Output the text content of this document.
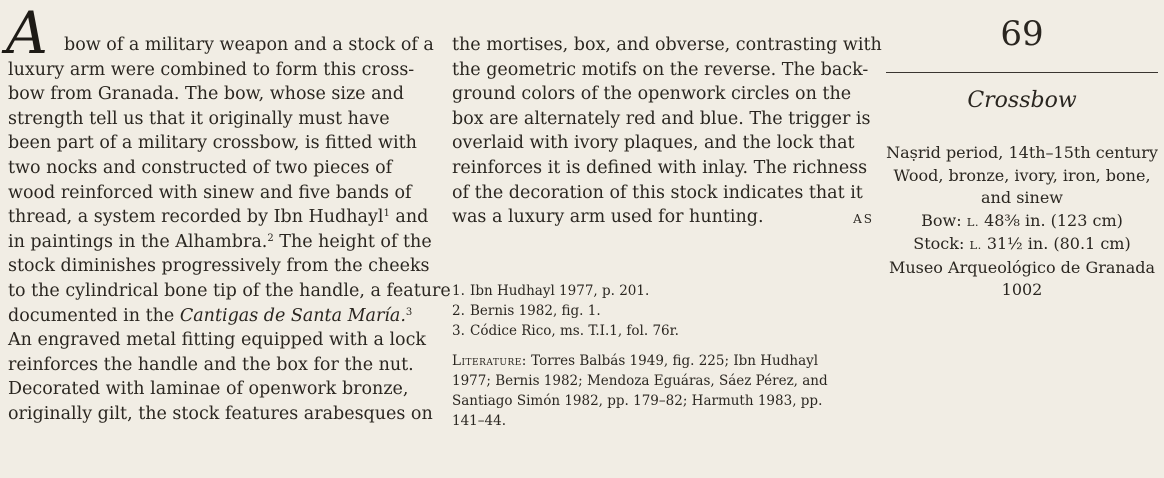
A bow of a military weapon and a stock of a
luxury arm were combined to form this cross-
bow from Granada. The bow, whose size and
strength tell us that it originally must have
been part of a military crossbow, is fitted with
two nocks and constructed of two pieces of
wood reinforced with sinew and five bands of
thread, a system recorded by Ibn Hudhayl$^1$ and
in paintings in the Alhambra.$^2$ The height of the
stock diminishes progressively from the cheeks
to the cylindrical bone tip of the handle, a feature
documented in the Cantigas de Santa María.$^3$
An engraved metal fitting equipped with a lock
reinforces the handle and the box for the nut.
Decorated with laminae of openwork bronze,
originally gilt, the stock features arabesques on
the mortises, box, and obverse, contrasting with
the geometric motifs on the reverse. The back-
ground colors of the openwork circles on the
box are alternately red and blue. The trigger is
overlaid with ivory plaques, and the lock that
reinforces it is defined with inlay. The richness
of the decoration of this stock indicates that it
was a luxury arm used for hunting.	AS
1. Ibn Hudhayl 1977, p. 201.
2. Bernis 1982, fig. 1.
3. Códice Rico, ms. T.I.1, fol. 76r.
Literature: Torres Balbás 1949, fig. 225; Ibn Hudhayl
1977; Bernis 1982; Mendoza Eguáras, Sáez Pérez, and
Santiago Simón 1982, pp. 179–82; Harmuth 1983, pp.
141–44.
69
Crossbow
Naṣrid period, 14th–15th century
Wood, bronze, ivory, iron, bone,
and sinew
Bow: L. 48⅜ in. (123 cm)
Stock: L. 31½ in. (80.1 cm)
Museo Arqueológico de Granada
1002
